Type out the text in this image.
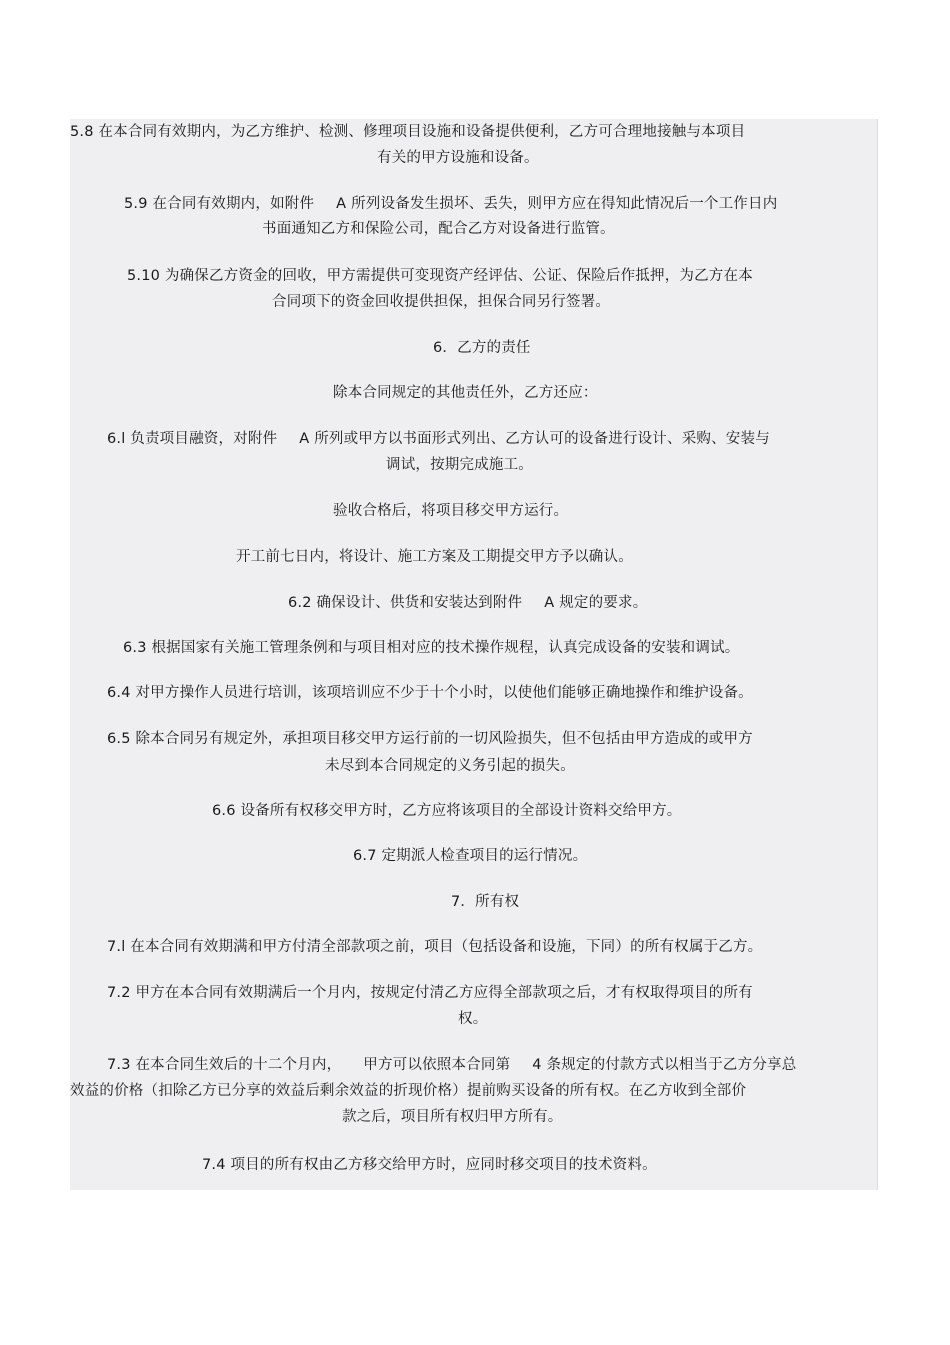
5.8 在本合同有效期内，为乙方维护、检测、修理项目设施和设备提供便利，乙方可合理地接触与本项目
有关的甲方设施和设备。
5.9 在合同有效期内，如附件 A 所列设备发生损坏、丢失，则甲方应在得知此情况后一个工作日内
书面通知乙方和保险公司，配合乙方对设备进行监管。
5.10 为确保乙方资金的回收，甲方需提供可变现资产经评估、公证、保险后作抵押，为乙方在本
合同项下的资金回收提供担保，担保合同另行签署。
6．乙方的责任
除本合同规定的其他责任外，乙方还应：
6.l 负责项目融资，对附件 A 所列或甲方以书面形式列出、乙方认可的设备进行设计、采购、安装与
调试，按期完成施工。
验收合格后，将项目移交甲方运行。
开工前七日内，将设计、施工方案及工期提交甲方予以确认。
6.2 确保设计、供货和安装达到附件 A 规定的要求。
6.3 根据国家有关施工管理条例和与项目相对应的技术操作规程，认真完成设备的安装和调试。
6.4 对甲方操作人员进行培训，该项培训应不少于十个小时，以使他们能够正确地操作和维护设备。
6.5 除本合同另有规定外，承担项目移交甲方运行前的一切风险损失，但不包括由甲方造成的或甲方
未尽到本合同规定的义务引起的损失。
6.6 设备所有权移交甲方时，乙方应将该项目的全部设计资料交给甲方。
6.7 定期派人检查项目的运行情况。
7．所有权
7.l 在本合同有效期满和甲方付清全部款项之前，项目（包括设备和设施，下同）的所有权属于乙方。
7.2 甲方在本合同有效期满后一个月内，按规定付清乙方应得全部款项之后，才有权取得项目的所有
权。
7.3 在本合同生效后的十二个月内， 甲方可以依照本合同第 4 条规定的付款方式以相当于乙方分享总
效益的价格（扣除乙方已分享的效益后剩余效益的折现价格）提前购买设备的所有权。在乙方收到全部价
款之后，项目所有权归甲方所有。
7.4 项目的所有权由乙方移交给甲方时，应同时移交项目的技术资料。
